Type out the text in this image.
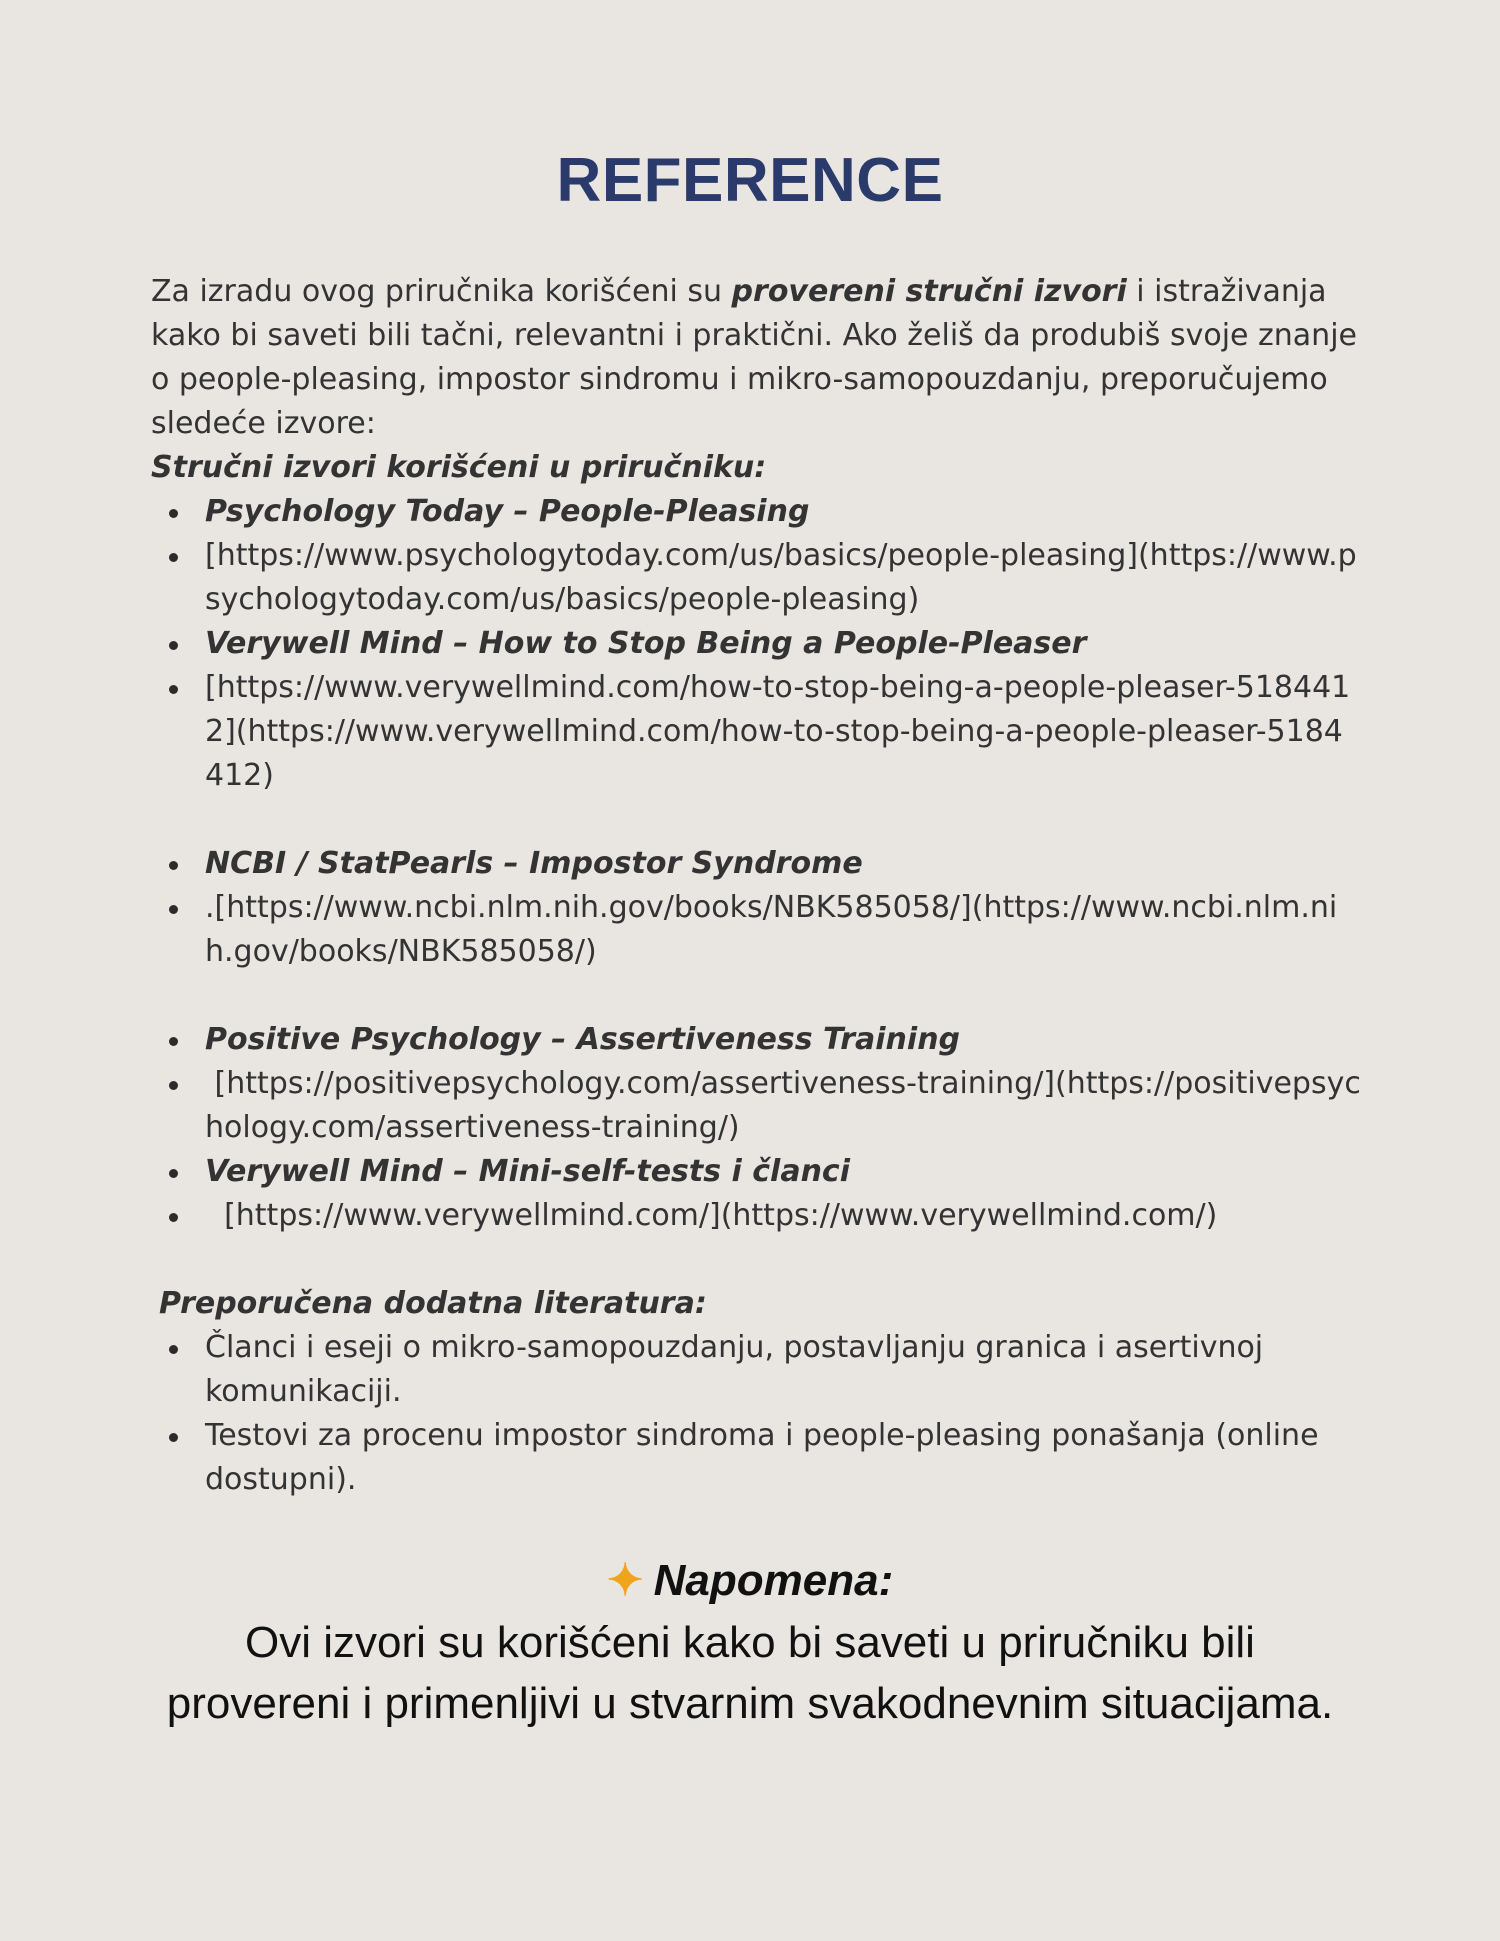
REFERENCE

Za izradu ovog priručnika korišćeni su provereni stručni izvori i istraživanja kako bi saveti bili tačni, relevantni i praktični. Ako želiš da produbiš svoje znanje o people-pleasing, impostor sindromu i mikro-samopouzdanju, preporučujemo sledeće izvore:

Stručni izvori korišćeni u priručniku:

Psychology Today – People-Pleasing
[https://www.psychologytoday.com/us/basics/people-pleasing](https://www.psychologytoday.com/us/basics/people-pleasing)
Verywell Mind – How to Stop Being a People-Pleaser
[https://www.verywellmind.com/how-to-stop-being-a-people-pleaser-5184412](https://www.verywellmind.com/how-to-stop-being-a-people-pleaser-5184412)
NCBI / StatPearls – Impostor Syndrome
.[https://www.ncbi.nlm.nih.gov/books/NBK585058/](https://www.ncbi.nlm.nih.gov/books/NBK585058/)
Positive Psychology – Assertiveness Training
[https://positivepsychology.com/assertiveness-training/](https://positivepsychology.com/assertiveness-training/)
Verywell Mind – Mini-self-tests i članci
[https://www.verywellmind.com/](https://www.verywellmind.com/)

Preporučena dodatna literatura:

Članci i eseji o mikro-samopouzdanju, postavljanju granica i asertivnoj komunikaciji.
Testovi za procenu impostor sindroma i people-pleasing ponašanja (online dostupni).

✦ Napomena:

Ovi izvori su korišćeni kako bi saveti u priručniku bili provereni i primenljivi u stvarnim svakodnevnim situacijama.
